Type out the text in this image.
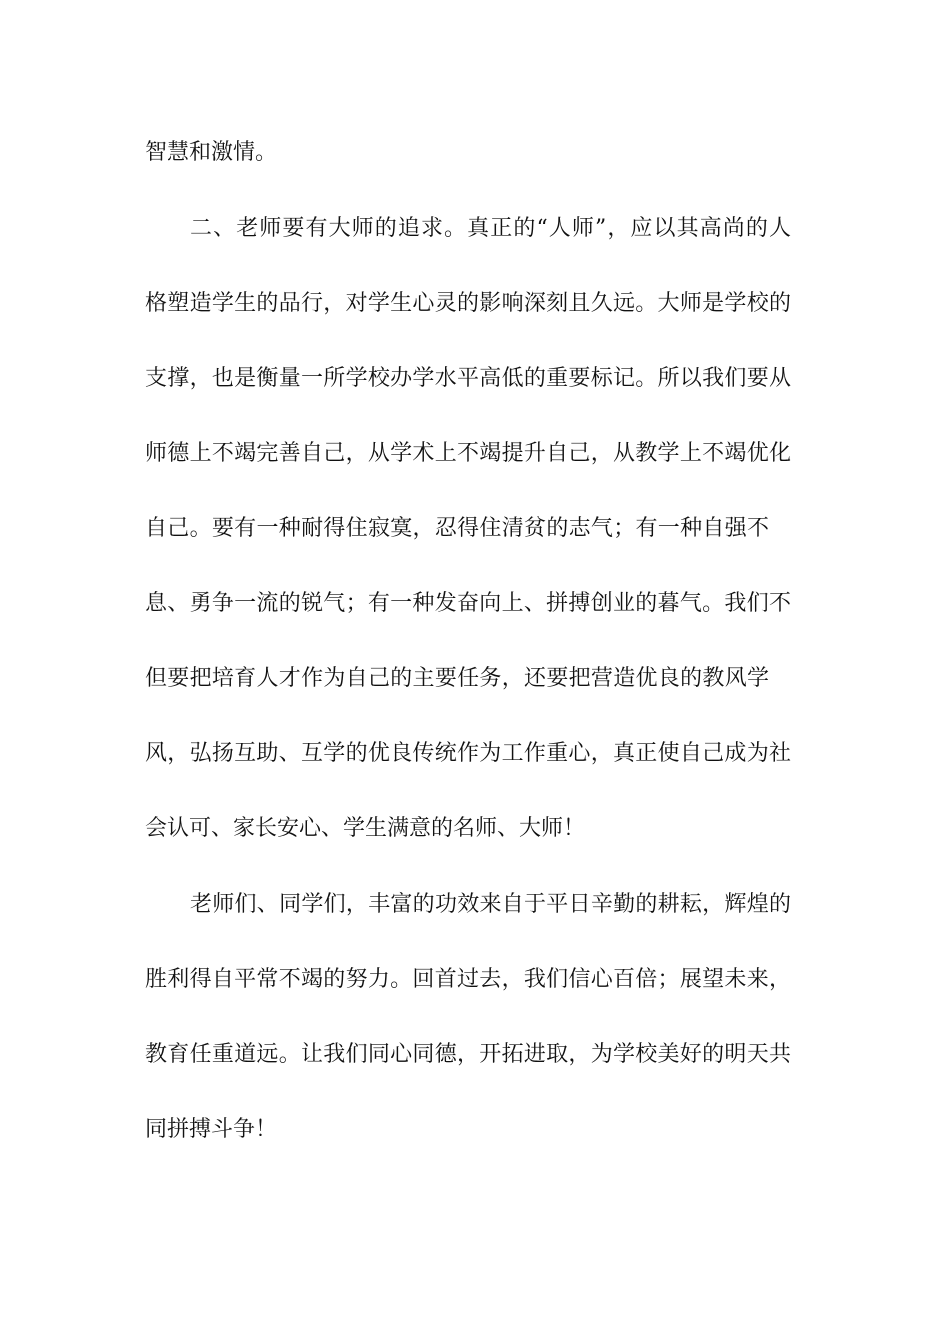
智慧和激情。
二、老师要有大师的追求。真正的“人师”，应以其高尚的人
格塑造学生的品行，对学生心灵的影响深刻且久远。大师是学校的
支撑，也是衡量一所学校办学水平高低的重要标记。所以我们要从
师德上不竭完善自己，从学术上不竭提升自己，从教学上不竭优化
自己。要有一种耐得住寂寞，忍得住清贫的志气；有一种自强不
息、勇争一流的锐气；有一种发奋向上、拼搏创业的暮气。我们不
但要把培育人才作为自己的主要任务，还要把营造优良的教风学
风，弘扬互助、互学的优良传统作为工作重心，真正使自己成为社
会认可、家长安心、学生满意的名师、大师！
老师们、同学们，丰富的功效来自于平日辛勤的耕耘，辉煌的
胜利得自平常不竭的努力。回首过去，我们信心百倍；展望未来，
教育任重道远。让我们同心同德，开拓进取，为学校美好的明天共
同拼搏斗争！
